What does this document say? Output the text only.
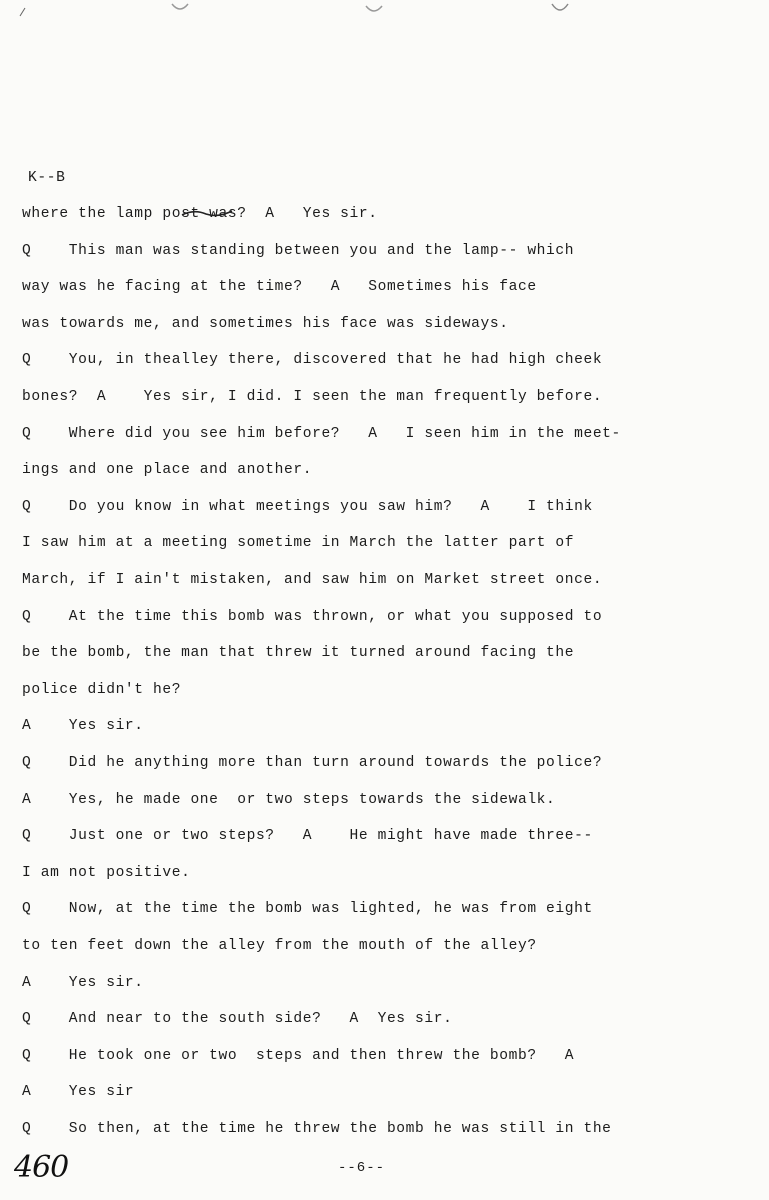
K--B
where the lamp post was?  A   Yes sir.
Q    This man was standing between you and the lamp-- which
way was he facing at the time?   A   Sometimes his face
was towards me, and sometimes his face was sideways.
Q    You, in thealley there, discovered that he had high cheek
bones?  A    Yes sir, I did. I seen the man frequently before.
Q    Where did you see him before?   A   I seen him in the meet-
ings and one place and another.
Q    Do you know in what meetings you saw him?   A    I think
I saw him at a meeting sometime in March the latter part of
March, if I ain't mistaken, and saw him on Market street once.
Q    At the time this bomb was thrown, or what you supposed to
be the bomb, the man that threw it turned around facing the
police didn't he?
A    Yes sir.
Q    Did he anything more than turn around towards the police?
A    Yes, he made one  or two steps towards the sidewalk.
Q    Just one or two steps?   A    He might have made three--
I am not positive.
Q    Now, at the time the bomb was lighted, he was from eight
to ten feet down the alley from the mouth of the alley?
A    Yes sir.
Q    And near to the south side?   A  Yes sir.
Q    He took one or two  steps and then threw the bomb?   A
A    Yes sir
Q    So then, at the time he threw the bomb he was still in the
--6--
460
